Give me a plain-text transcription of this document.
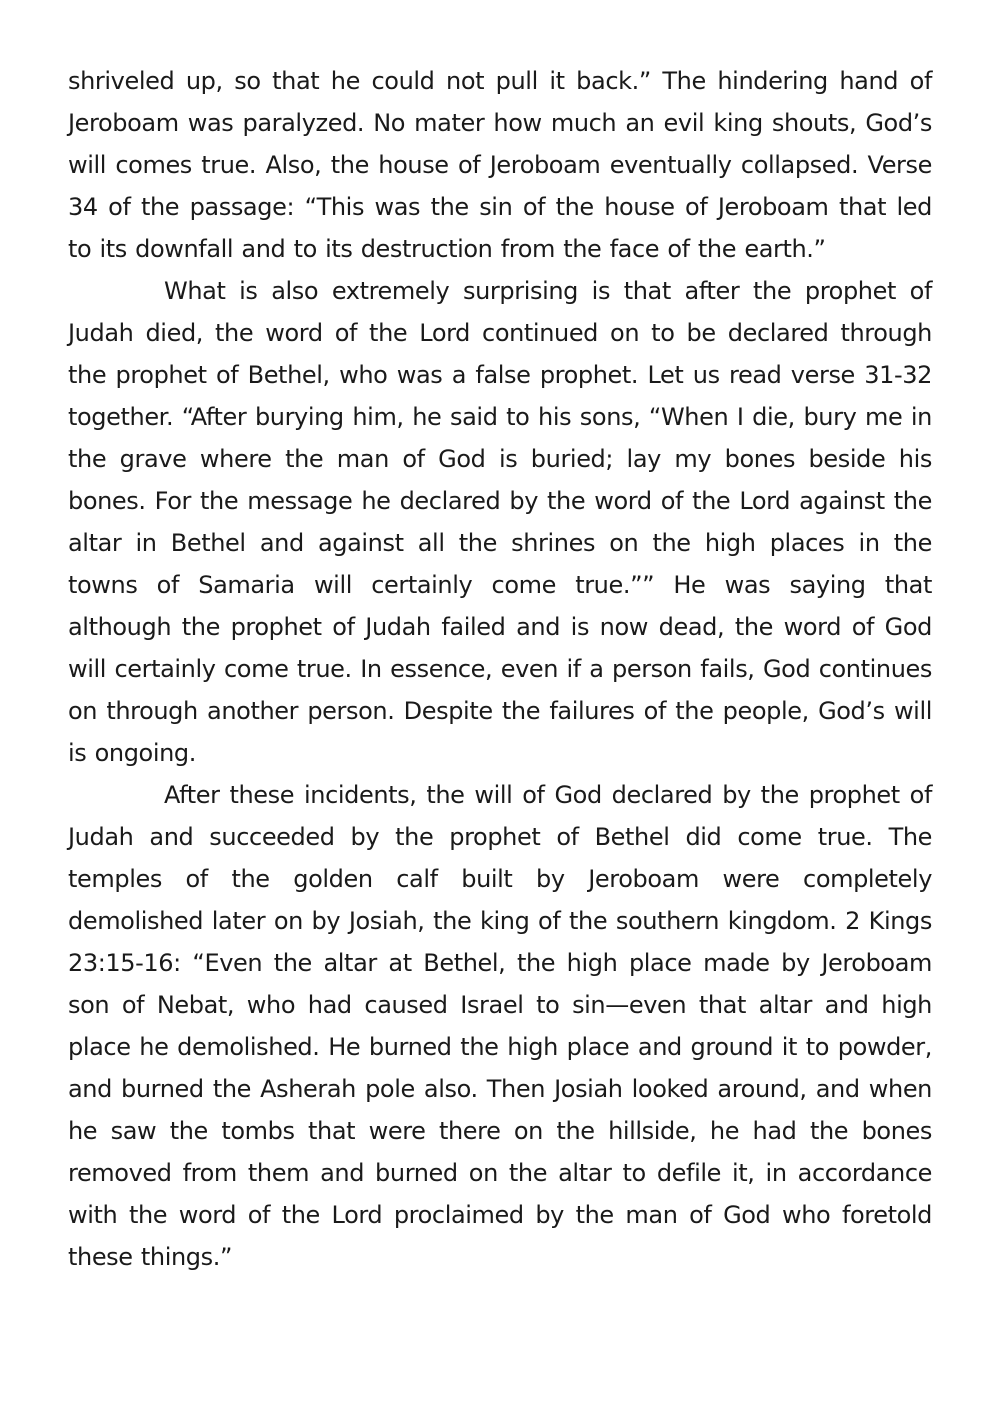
shriveled up, so that he could not pull it back.” The hindering hand of Jeroboam was paralyzed. No mater how much an evil king shouts, God’s will comes true. Also, the house of Jeroboam eventually collapsed. Verse 34 of the passage: “This was the sin of the house of Jeroboam that led to its downfall and to its destruction from the face of the earth.”

What is also extremely surprising is that after the prophet of Judah died, the word of the Lord continued on to be declared through the prophet of Bethel, who was a false prophet. Let us read verse 31-32 together. “After burying him, he said to his sons, “When I die, bury me in the grave where the man of God is buried; lay my bones beside his bones. For the message he declared by the word of the Lord against the altar in Bethel and against all the shrines on the high places in the towns of Samaria will certainly come true.”” He was saying that although the prophet of Judah failed and is now dead, the word of God will certainly come true. In essence, even if a person fails, God continues on through another person. Despite the failures of the people, God’s will is ongoing.

After these incidents, the will of God declared by the prophet of Judah and succeeded by the prophet of Bethel did come true. The temples of the golden calf built by Jeroboam were completely demolished later on by Josiah, the king of the southern kingdom. 2 Kings 23:15-16: “Even the altar at Bethel, the high place made by Jeroboam son of Nebat, who had caused Israel to sin—even that altar and high place he demolished. He burned the high place and ground it to powder, and burned the Asherah pole also. Then Josiah looked around, and when he saw the tombs that were there on the hillside, he had the bones removed from them and burned on the altar to defile it, in accordance with the word of the Lord proclaimed by the man of God who foretold these things.”
